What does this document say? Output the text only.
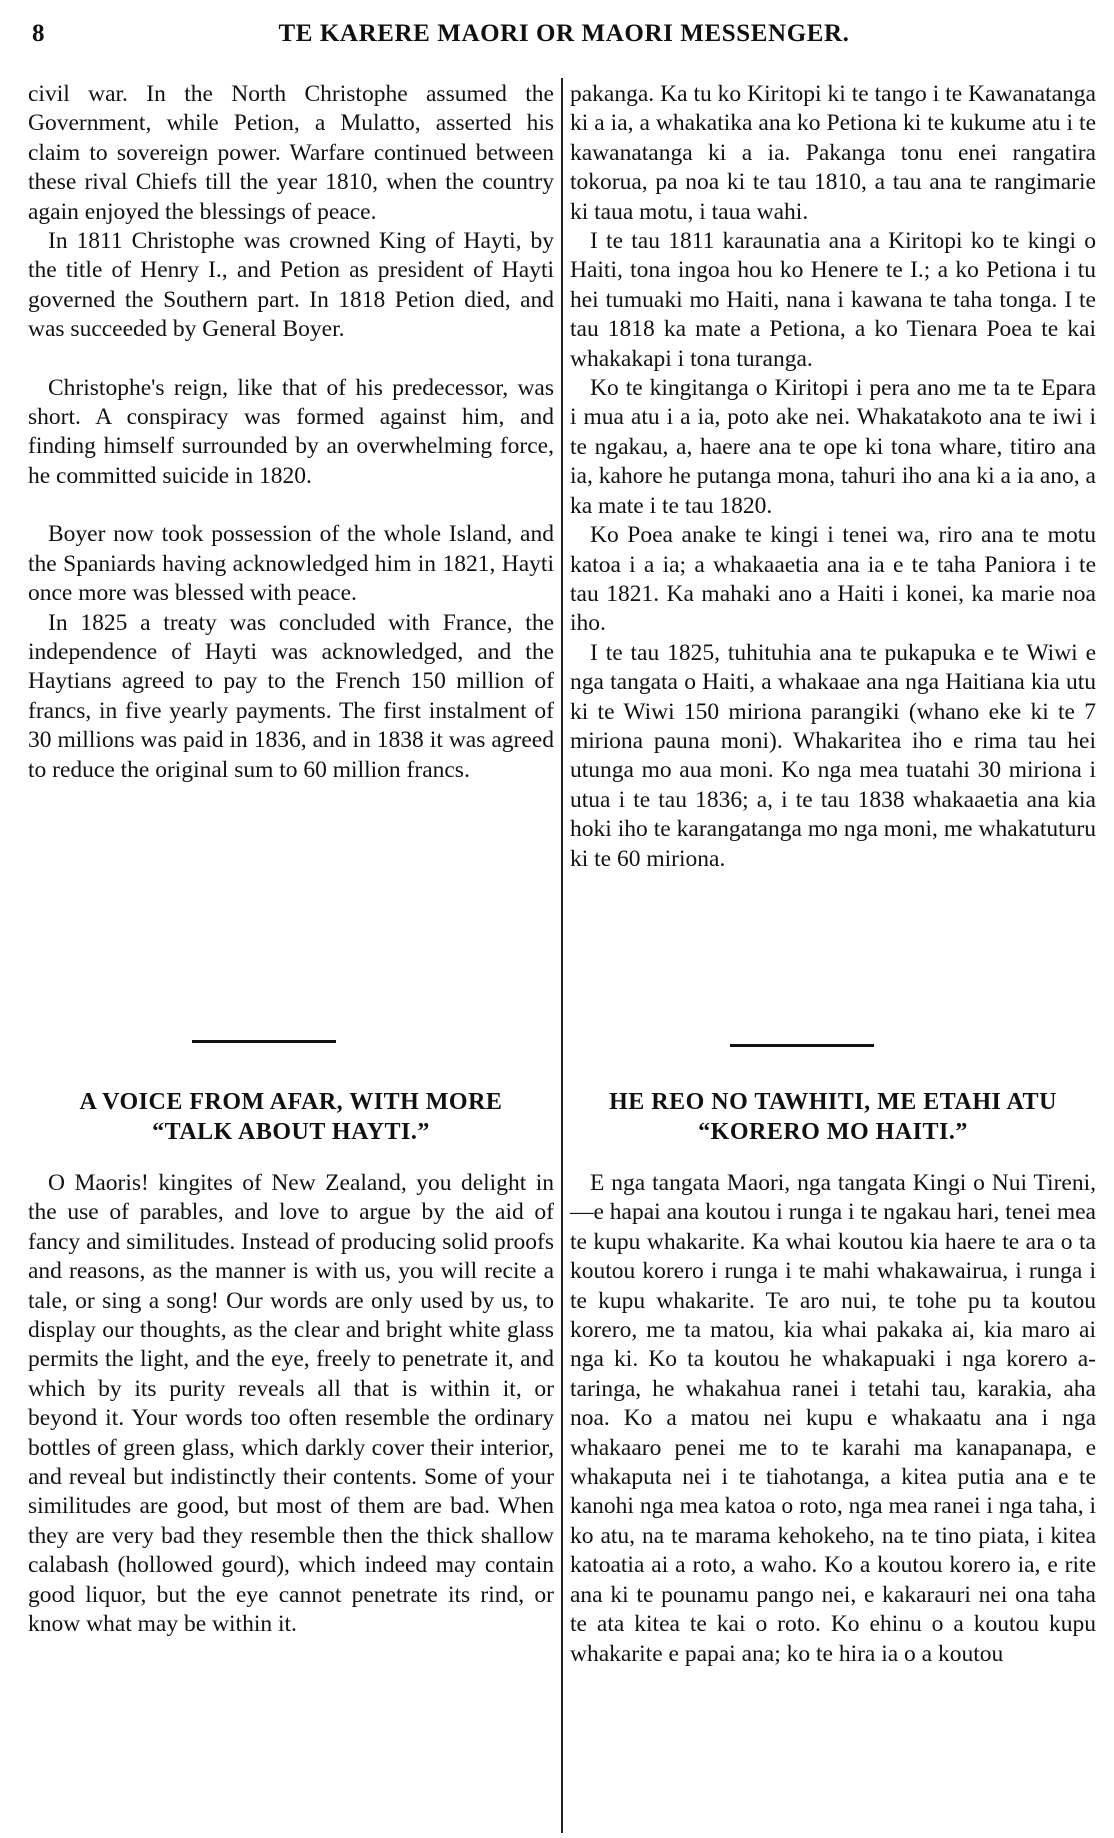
8	TE KARERE MAORI OR MAORI MESSENGER.

civil war. In the North Christophe assumed the Government, while Petion, a Mulatto, asserted his claim to sovereign power. Warfare continued between these rival Chiefs till the year 1810, when the country again enjoyed the blessings of peace.

In 1811 Christophe was crowned King of Hayti, by the title of Henry I., and Petion as president of Hayti governed the Southern part. In 1818 Petion died, and was succeeded by General Boyer.

Christophe's reign, like that of his predecessor, was short. A conspiracy was formed against him, and finding himself surrounded by an overwhelming force, he committed suicide in 1820.

Boyer now took possession of the whole Island, and the Spaniards having acknowledged him in 1821, Hayti once more was blessed with peace.

In 1825 a treaty was concluded with France, the independence of Hayti was acknowledged, and the Haytians agreed to pay to the French 150 million of francs, in five yearly payments. The first instalment of 30 millions was paid in 1836, and in 1838 it was agreed to reduce the original sum to 60 million francs.

pakanga. Ka tu ko Kiritopi ki te tango i te Kawanatanga ki a ia, a whakatika ana ko Petiona ki te kukume atu i te kawanatanga ki a ia. Pakanga tonu enei rangatira tokorua, pa noa ki te tau 1810, a tau ana te rangimarie ki taua motu, i taua wahi.

I te tau 1811 karaunatia ana a Kiritopi ko te kingi o Haiti, tona ingoa hou ko Henere te I.; a ko Petiona i tu hei tumuaki mo Haiti, nana i kawana te taha tonga. I te tau 1818 ka mate a Petiona, a ko Tienara Poea te kai whakakapi i tona turanga.

Ko te kingitanga o Kiritopi i pera ano me ta te Epara i mua atu i a ia, poto ake nei. Whakatakoto ana te iwi i te ngakau, a, haere ana te ope ki tona whare, titiro ana ia, kahore he putanga mona, tahuri iho ana ki a ia ano, a ka mate i te tau 1820.

Ko Poea anake te kingi i tenei wa, riro ana te motu katoa i a ia; a whakaaetia ana ia e te taha Paniora i te tau 1821. Ka mahaki ano a Haiti i konei, ka marie noa iho.

I te tau 1825, tuhituhia ana te pukapuka e te Wiwi e nga tangata o Haiti, a whakaae ana nga Haitiana kia utu ki te Wiwi 150 miriona parangiki (whano eke ki te 7 miriona pauna moni). Whakaritea iho e rima tau hei utunga mo aua moni. Ko nga mea tuatahi 30 miriona i utua i te tau 1836; a, i te tau 1838 whakaaetia ana kia hoki iho te karangatanga mo nga moni, me whakatuturu ki te 60 miriona.

A VOICE FROM AFAR, WITH MORE

“TALK ABOUT HAYTI.”

O Maoris! kingites of New Zealand, you delight in the use of parables, and love to argue by the aid of fancy and similitudes. Instead of producing solid proofs and reasons, as the manner is with us, you will recite a tale, or sing a song! Our words are only used by us, to display our thoughts, as the clear and bright white glass permits the light, and the eye, freely to penetrate it, and which by its purity reveals all that is within it, or beyond it. Your words too often resemble the ordinary bottles of green glass, which darkly cover their interior, and reveal but indistinctly their contents. Some of your similitudes are good, but most of them are bad. When they are very bad they resemble then the thick shallow calabash (hollowed gourd), which indeed may contain good liquor, but the eye cannot penetrate its rind, or know what may be within it.

HE REO NO TAWHITI, ME ETAHI ATU

“KORERO MO HAITI.”

E nga tangata Maori, nga tangata Kingi o Nui Tireni,—e hapai ana koutou i runga i te ngakau hari, tenei mea te kupu whakarite. Ka whai koutou kia haere te ara o ta koutou korero i runga i te mahi whakawairua, i runga i te kupu whakarite. Te aro nui, te tohe pu ta koutou korero, me ta matou, kia whai pakaka ai, kia maro ai nga ki. Ko ta koutou he whakapuaki i nga korero a-taringa, he whakahua ranei i tetahi tau, karakia, aha noa. Ko a matou nei kupu e whakaatu ana i nga whakaaro penei me to te karahi ma kanapanapa, e whakaputa nei i te tiahotanga, a kitea putia ana e te kanohi nga mea katoa o roto, nga mea ranei i nga taha, i ko atu, na te marama kehokeho, na te tino piata, i kitea katoatia ai a roto, a waho. Ko a koutou korero ia, e rite ana ki te pounamu pango nei, e kakarauri nei ona taha te ata kitea te kai o roto. Ko ehinu o a koutou kupu whakarite e papai ana; ko te hira ia o a koutou
